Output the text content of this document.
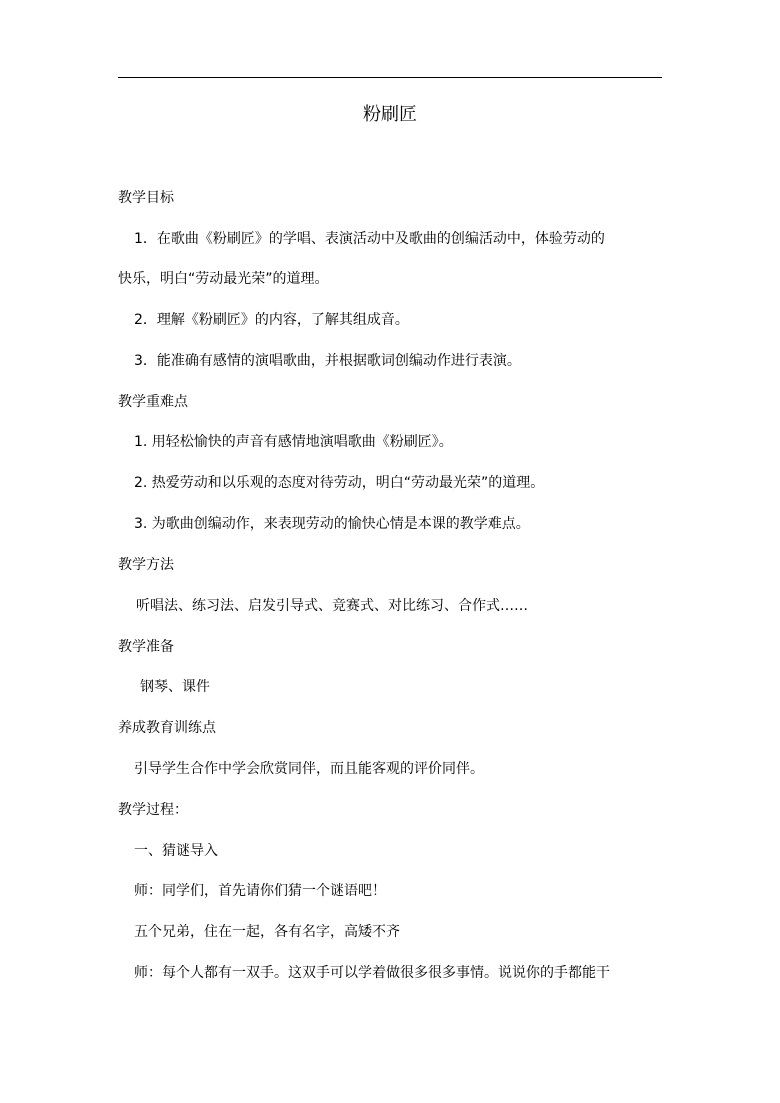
粉刷匠
教学目标
1．在歌曲《粉刷匠》的学唱、表演活动中及歌曲的创编活动中，体验劳动的
快乐，明白“劳动最光荣”的道理。
2．理解《粉刷匠》的内容，了解其组成音。
3．能准确有感情的演唱歌曲，并根据歌词创编动作进行表演。
教学重难点
1. 用轻松愉快的声音有感情地演唱歌曲《粉刷匠》。
2. 热爱劳动和以乐观的态度对待劳动，明白“劳动最光荣”的道理。
3. 为歌曲创编动作，来表现劳动的愉快心情是本课的教学难点。
教学方法
听唱法、练习法、启发引导式、竞赛式、对比练习、合作式……
教学准备
钢琴、课件
养成教育训练点
引导学生合作中学会欣赏同伴，而且能客观的评价同伴。
教学过程：
一、猜谜导入
师：同学们，首先请你们猜一个谜语吧！
五个兄弟，住在一起，各有名字，高矮不齐
师：每个人都有一双手。这双手可以学着做很多很多事情。说说你的手都能干
